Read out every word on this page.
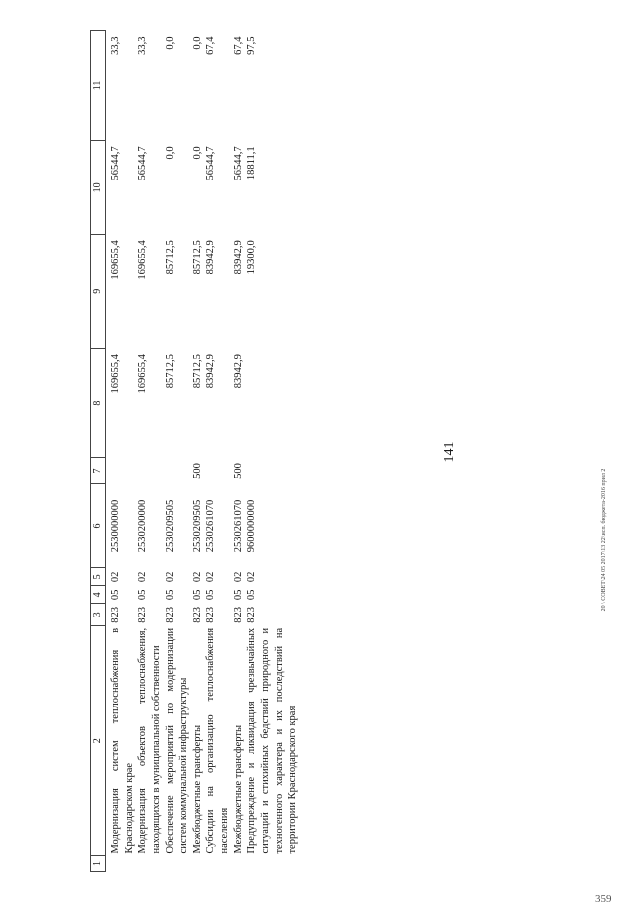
141
1	2	3	4	5	6	7	8	9	10	11
	Модернизация систем теплоснабжения в Краснодарском крае	823	05	02	2530000000		169655,4	169655,4	56544,7	33,3
	Модернизация объектов теплоснабжения, находящихся в муниципальной собственности	823	05	02	2530200000		169655,4	169655,4	56544,7	33,3
	Обеспечение мероприятий по модернизации систем коммунальной инфраструктуры	823	05	02	2530209505		85712,5	85712,5	0,0	0,0
	Межбюджетные трансферты	823	05	02	2530209505	500	85712,5	85712,5	0,0	0,0
	Субсидии на организацию теплоснабжения населения	823	05	02	2530261070		83942,9	83942,9	56544,7	67,4
	Межбюджетные трансферты	823	05	02	2530261070	500	83942,9	83942,9	56544,7	67,4
	Предупреждение и ликвидация чрезвычайных ситуаций и стихийных бедствий природного и техногенного характера и их последствий на территории Краснодарского края	823	05	02	9600000000			19300,0	18811,1	97,5
20 \ СОВЕТ\24 05 2017\13 22\исп. бюджета-2016 прил 2
359
